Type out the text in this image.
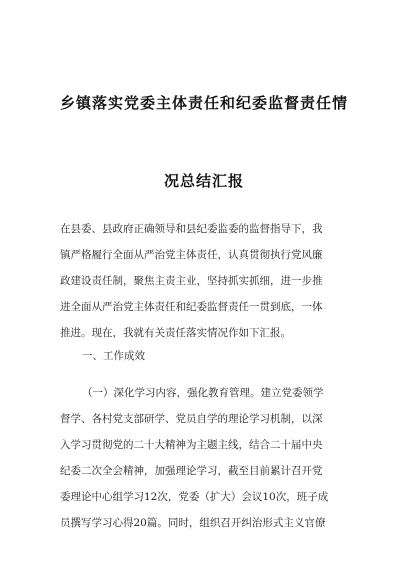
乡镇落实党委主体责任和纪委监督责任情
况总结汇报
在县委、县政府正确领导和县纪委监委的监督指导下，我
镇严格履行全面从严治党主体责任，认真贯彻执行党风廉
政建设责任制，聚焦主责主业，坚持抓实抓细，进一步推
进全面从严治党主体责任和纪委监督责任一贯到底，一体
推进。现在，我就有关责任落实情况作如下汇报。
一、工作成效
（一）深化学习内容，强化教育管理。建立党委领学
督学、各村党支部研学、党员自学的理论学习机制，以深
入学习贯彻党的二十大精神为主题主线，结合二十届中央
纪委二次全会精神，加强理论学习，截至目前累计召开党
委理论中心组学习12次，党委（扩大）会议10次，班子成
员撰写学习心得20篇。同时，组织召开纠治形式主义官僚
